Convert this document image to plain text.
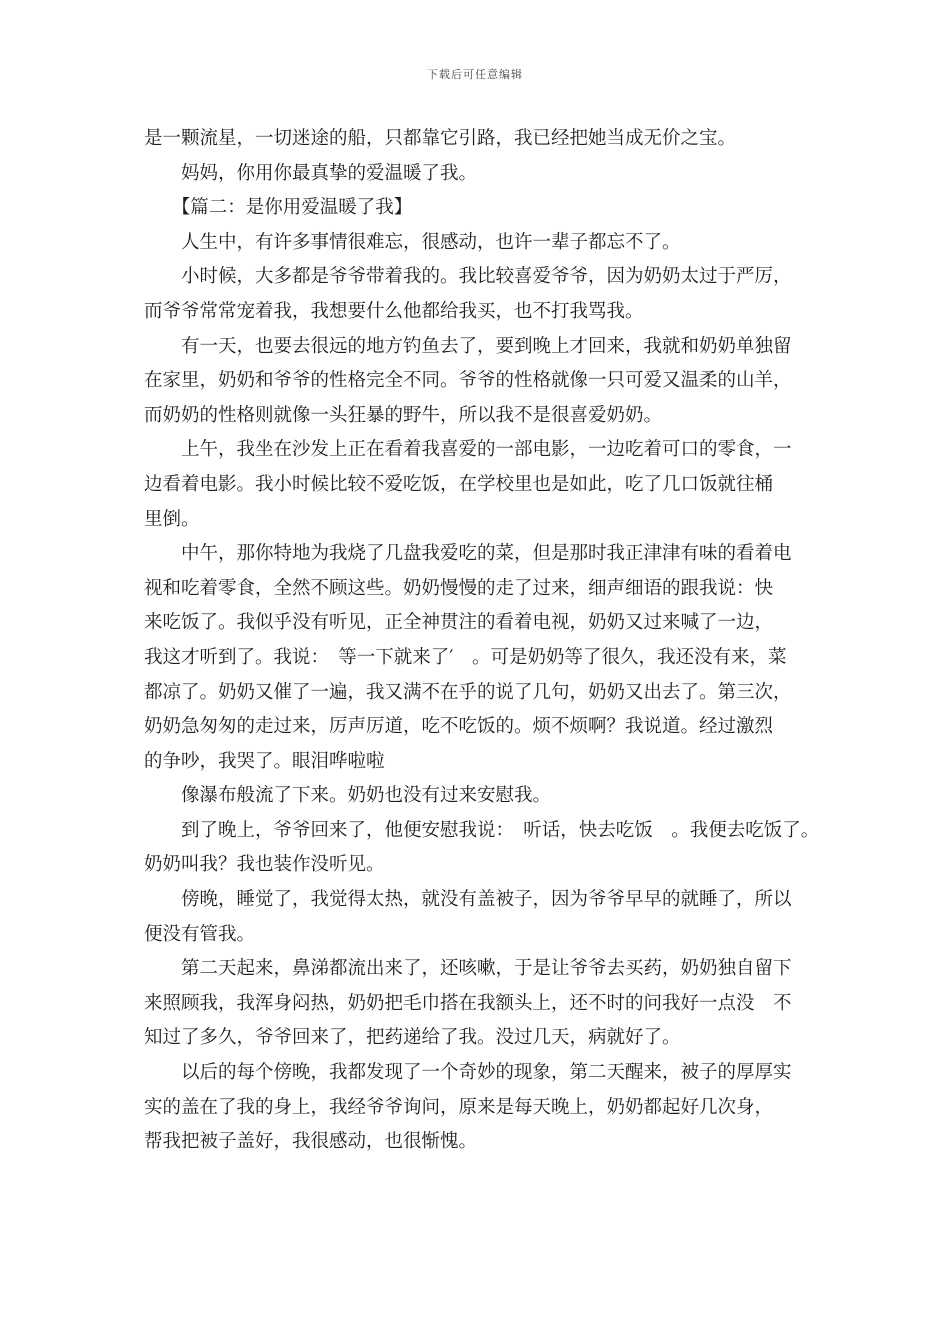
下载后可任意编辑

是一颗流星，一切迷途的船，只都靠它引路，我已经把她当成无价之宝。

　　妈妈，你用你最真挚的爱温暖了我。

　　【篇二：是你用爱温暖了我】

　　人生中，有许多事情很难忘，很感动，也许一辈子都忘不了。

　　小时候，大多都是爷爷带着我的。我比较喜爱爷爷，因为奶奶太过于严厉，

而爷爷常常宠着我，我想要什么他都给我买，也不打我骂我。

　　有一天，也要去很远的地方钓鱼去了，要到晚上才回来，我就和奶奶单独留

在家里，奶奶和爷爷的性格完全不同。爷爷的性格就像一只可爱又温柔的山羊，

而奶奶的性格则就像一头狂暴的野牛，所以我不是很喜爱奶奶。

　　上午，我坐在沙发上正在看着我喜爱的一部电影，一边吃着可口的零食，一

边看着电影。我小时候比较不爱吃饭，在学校里也是如此，吃了几口饭就往桶

里倒。

　　中午，那你特地为我烧了几盘我爱吃的菜，但是那时我正津津有味的看着电

视和吃着零食，全然不顾这些。奶奶慢慢的走了过来，细声细语的跟我说：快

来吃饭了。我似乎没有听见，正全神贯注的看着电视，奶奶又过来喊了一边，

我这才听到了。我说：　等一下就来了′　。可是奶奶等了很久，我还没有来，菜

都凉了。奶奶又催了一遍，我又满不在乎的说了几句，奶奶又出去了。第三次，

奶奶急匆匆的走过来，厉声厉道，吃不吃饭的。烦不烦啊？我说道。经过激烈

的争吵，我哭了。眼泪哗啦啦

　　像瀑布般流了下来。奶奶也没有过来安慰我。

　　到了晚上，爷爷回来了，他便安慰我说：　听话，快去吃饭　。我便去吃饭了。

奶奶叫我？我也装作没听见。

　　傍晚，睡觉了，我觉得太热，就没有盖被子，因为爷爷早早的就睡了，所以

便没有管我。

　　第二天起来，鼻涕都流出来了，还咳嗽，于是让爷爷去买药，奶奶独自留下

来照顾我，我浑身闷热，奶奶把毛巾搭在我额头上，还不时的问我好一点没　不

知过了多久，爷爷回来了，把药递给了我。没过几天，病就好了。

　　以后的每个傍晚，我都发现了一个奇妙的现象，第二天醒来，被子的厚厚实

实的盖在了我的身上，我经爷爷询问，原来是每天晚上，奶奶都起好几次身，

帮我把被子盖好，我很感动，也很惭愧。
